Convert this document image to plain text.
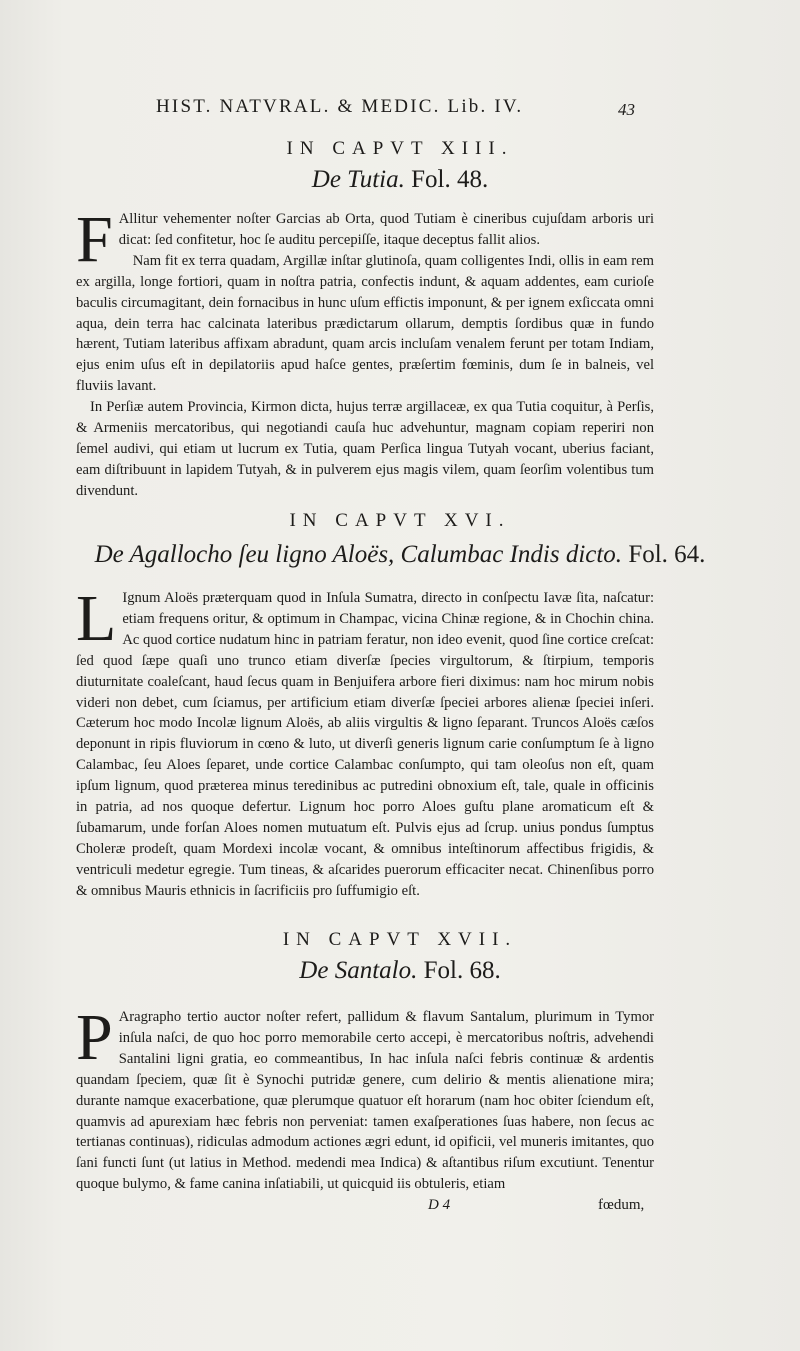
HIST. NATVRAL. & MEDIC. Lib. IV.	43
IN CAPVT XIII.
De Tutia. Fol. 48.

F Allitur vehementer noſter Garcias ab Orta, quod Tutiam è cineribus cujuſdam arboris uri dicat: ſed confitetur, hoc ſe auditu percepiſſe, itaque deceptus fallit alios.

Nam fit ex terra quadam, Argillæ inſtar glutinoſa, quam colligentes Indi, ollis in eam rem ex argilla, longe fortiori, quam in noſtra patria, confectis indunt, & aquam addentes, eam curioſe baculis circumagitant, dein fornacibus in hunc uſum effictis imponunt, & per ignem exſiccata omni aqua, dein terra hac calcinata lateribus prædictarum ollarum, demptis ſordibus quæ in fundo hærent, Tutiam lateribus affixam abradunt, quam arcis incluſam venalem ferunt per totam Indiam, ejus enim uſus eſt in depilatoriis apud haſce gentes, præſertim fœminis, dum ſe in balneis, vel fluviis lavant.

In Perſiæ autem Provincia, Kirmon dicta, hujus terræ argillaceæ, ex qua Tutia coquitur, à Perſis, & Armeniis mercatoribus, qui negotiandi cauſa huc advehuntur, magnam copiam reperiri non ſemel audivi, qui etiam ut lucrum ex Tutia, quam Perſica lingua Tutyah vocant, uberius faciant, eam diſtribuunt in lapidem Tutyah, & in pulverem ejus magis vilem, quam ſeorſim volentibus tum divendunt.

IN CAPVT XVI.
De Agallocho ſeu ligno Aloës, Calumbac Indis dicto. Fol. 64.

L Ignum Aloës præterquam quod in Inſula Sumatra, directo in conſpectu Iavæ ſita, naſcatur: etiam frequens oritur, & optimum in Champac, vicina Chinæ regione, & in Chochin china. Ac quod cortice nudatum hinc in patriam feratur, non ideo evenit, quod ſine cortice creſcat: ſed quod ſæpe quaſi uno trunco etiam diverſæ ſpecies virgultorum, & ſtirpium, temporis diuturnitate coaleſcant, haud ſecus quam in Benjuifera arbore fieri diximus: nam hoc mirum nobis videri non debet, cum ſciamus, per artificium etiam diverſæ ſpeciei arbores alienæ ſpeciei inſeri. Cæterum hoc modo Incolæ lignum Aloës, ab aliis virgultis & ligno ſeparant. Truncos Aloës cæſos deponunt in ripis fluviorum in cœno & luto, ut diverſi generis lignum carie conſumptum ſe à ligno Calambac, ſeu Aloes ſeparet, unde cortice Calambac conſumpto, qui tam oleoſus non eſt, quam ipſum lignum, quod præterea minus teredinibus ac putredini obnoxium eſt, tale, quale in officinis in patria, ad nos quoque defertur. Lignum hoc porro Aloes guſtu plane aromaticum eſt & ſubamarum, unde forſan Aloes nomen mutuatum eſt. Pulvis ejus ad ſcrup. unius pondus ſumptus Choleræ prodeſt, quam Mordexi incolæ vocant, & omnibus inteſtinorum affectibus frigidis, & ventriculi medetur egregie. Tum tineas, & aſcarides puerorum efficaciter necat. Chinenſibus porro & omnibus Mauris ethnicis in ſacrificiis pro ſuffumigio eſt.

IN CAPVT XVII.
De Santalo. Fol. 68.

P Aragrapho tertio auctor noſter refert, pallidum & flavum Santalum, plurimum in Tymor inſula naſci, de quo hoc porro memorabile certo accepi, è mercatoribus noſtris, advehendi Santalini ligni gratia, eo commeantibus, In hac inſula naſci febris continuæ & ardentis quandam ſpeciem, quæ ſit è Synochi putridæ genere, cum delirio & mentis alienatione mira; durante namque exacerbatione, quæ plerumque quatuor eſt horarum (nam hoc obiter ſciendum eſt, quamvis ad apurexiam hæc febris non perveniat: tamen exaſperationes ſuas habere, non ſecus ac tertianas continuas), ridiculas admodum actiones ægri edunt, id opificii, vel muneris imitantes, quo ſani functi ſunt (ut latius in Method. medendi mea Indica) & aſtantibus riſum excutiunt. Tenentur quoque bulymo, & fame canina inſatiabili, ut quicquid iis obtuleris, etiam

D 4	fœdum,
